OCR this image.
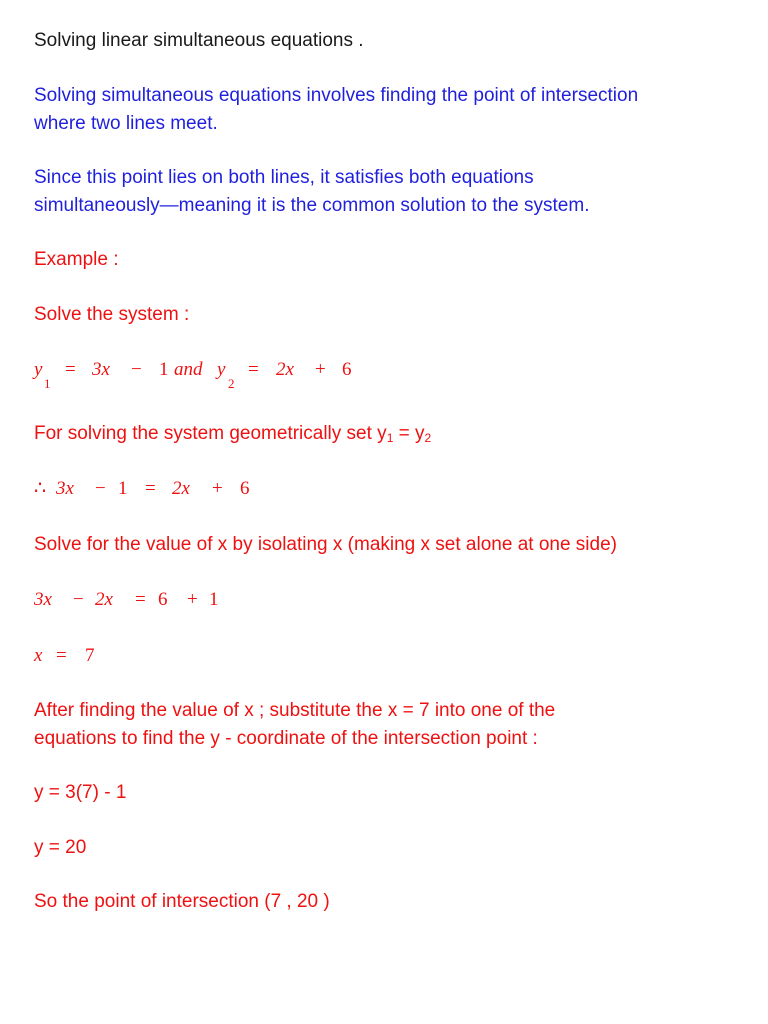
Solving linear simultaneous equations .
Solving simultaneous equations involves finding the point of intersection
where two lines meet.
Since this point lies on both lines, it satisfies both equations
simultaneously—meaning it is the common solution to the system.
Example :
Solve the system :
y
1
= 3x − 1 and y
2
= 2x + 6
For solving the system geometrically set y1 = y2
∴ 3x − 1 = 2x + 6
Solve for the value of x by isolating x (making x set alone at one side)
3x − 2x = 6 + 1
x = 7
After finding the value of x ; substitute the x = 7 into one of the
equations to find the y - coordinate of the intersection point :
y = 3(7) - 1
y = 20
So the point of intersection (7 , 20 )
